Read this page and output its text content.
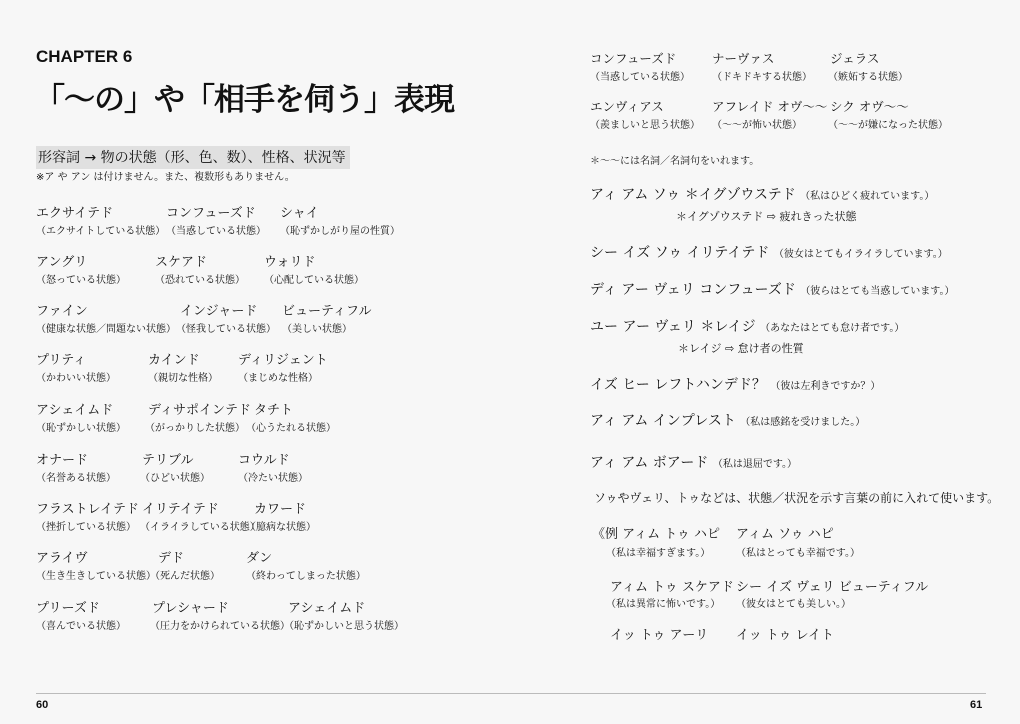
CHAPTER 6
「〜の」や「相手を伺う」表現
形容詞 → 物の状態（形、色、数）、性格、状況等
※ア や アン は付けません。また、複数形もありません。
エクサイテド
（エクサイトしている状態）
コンフューズド
（当惑している状態）
シャイ
（恥ずかしがり屋の性質）
アングリ
（怒っている状態）
スケアド
（恐れている状態）
ウォリド
（心配している状態）
ファイン
（健康な状態／問題ない状態）
インジャード
（怪我している状態）
ビューティフル
（美しい状態）
プリティ
（かわいい状態）
カインド
（親切な性格）
ディリジェント
（まじめな性格）
アシェイムド
（恥ずかしい状態）
ディサポインテド
（がっかりした状態）
タチト
（心うたれる状態）
オナード
（名誉ある状態）
テリブル
（ひどい状態）
コウルド
（冷たい状態）
フラストレイテド
（挫折している状態）
イリテイテド
（イライラしている状態）
カワード
（臆病な状態）
アライヴ
（生き生きしている状態）
デド
（死んだ状態）
ダン
（終わってしまった状態）
プリーズド
（喜んでいる状態）
プレシャード
（圧力をかけられている状態）
アシェイムド
（恥ずかしいと思う状態）
60
コンフューズド
（当惑している状態）
ナーヴァス
（ドキドキする状態）
ジェラス
（嫉妬する状態）
エンヴィアス
（羨ましいと思う状態）
アフレイド オヴ〜〜
（〜〜が怖い状態）
シク オヴ〜〜
（〜〜が嫌になった状態）
＊〜〜には名詞／名詞句をいれます。
アィ アム ソゥ ＊イグゾウステド （私はひどく疲れています。）
＊イグゾウステド ⇨ 疲れきった状態
シー イズ ソゥ イリテイテド （彼女はとてもイライラしています。）
ディ アー ヴェリ コンフューズド （彼らはとても当惑しています。）
ユー アー ヴェリ ＊レイジ （あなたはとても怠け者です。）
＊レイジ ⇨ 怠け者の性質
イズ ヒー レフトハンデド？ （彼は左利きですか？）
アィ アム インプレスト （私は感銘を受けました。）
アィ アム ボアード （私は退屈です。）
ソゥやヴェリ、トゥなどは、状態／状況を示す言葉の前に入れて使います。
《例 アィム トゥ ハピ
（私は幸福すぎます。）
アィム ソゥ ハピ
（私はとっても幸福です。）
アィム トゥ スケアド
（私は異常に怖いです。）
シー イズ ヴェリ ビューティフル
（彼女はとても美しい。）
イッ トゥ アーリ イッ トゥ レイト
61
